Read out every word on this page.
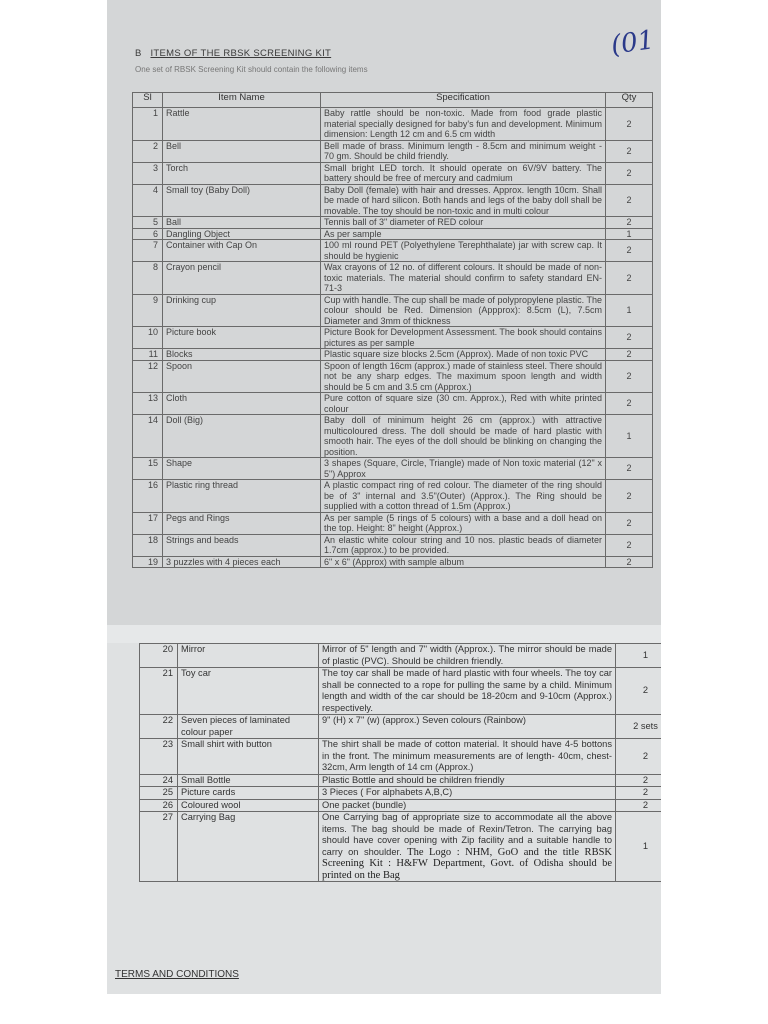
(01
B ITEMS OF THE RBSK SCREENING KIT
One set of RBSK Screening Kit should contain the following items
Sl	Item Name	Specification	Qty
1	Rattle	Baby rattle should be non-toxic. Made from food grade plastic material specially designed for baby's fun and development. Minimum dimension: Length 12 cm and 6.5 cm width	2
2	Bell	Bell made of brass. Minimum length - 8.5cm and minimum weight - 70 gm. Should be child friendly.	2
3	Torch	Small bright LED torch. It should operate on 6V/9V battery. The battery should be free of mercury and cadmium	2
4	Small toy (Baby Doll)	Baby Doll (female) with hair and dresses. Approx. length 10cm. Shall be made of hard silicon. Both hands and legs of the baby doll shall be movable. The toy should be non-toxic and in multi colour	2
5	Ball	Tennis ball of 3" diameter of RED colour	2
6	Dangling Object	As per sample	1
7	Container with Cap On	100 ml round PET (Polyethylene Terephthalate) jar with screw cap. It should be hygienic	2
8	Crayon pencil	Wax crayons of 12 no. of different colours. It should be made of non-toxic materials. The material should confirm to safety standard EN-71-3	2
9	Drinking cup	Cup with handle. The cup shall be made of polypropylene plastic. The colour should be Red. Dimension (Appprox): 8.5cm (L), 7.5cm Diameter and 3mm of thickness	1
10	Picture book	Picture Book for Development Assessment. The book should contains pictures as per sample	2
11	Blocks	Plastic square size blocks 2.5cm (Approx). Made of non toxic PVC	2
12	Spoon	Spoon of length 16cm (approx.) made of stainless steel. There should not be any sharp edges. The maximum spoon length and width should be 5 cm and 3.5 cm (Approx.)	2
13	Cloth	Pure cotton of square size (30 cm. Approx.), Red with white printed colour	2
14	Doll (Big)	Baby doll of minimum height 26 cm (approx.) with attractive multicoloured dress. The doll should be made of hard plastic with smooth hair. The eyes of the doll should be blinking on changing the position.	1
15	Shape	3 shapes (Square, Circle, Triangle) made of Non toxic material (12" x 5") Approx	2
16	Plastic ring thread	A plastic compact ring of red colour. The diameter of the ring should be of 3" internal and 3.5"(Outer) (Approx.). The Ring should be supplied with a cotton thread of 1.5m (Approx.)	2
17	Pegs and Rings	As per sample (5 rings of 5 colours) with a base and a doll head on the top. Height: 8" height (Approx.)	2
18	Strings and beads	An elastic white colour string and 10 nos. plastic beads of diameter 1.7cm (approx.) to be provided.	2
19	3 puzzles with 4 pieces each	6" x 6" (Approx) with sample album	2
20	Mirror	Mirror of 5" length and 7" width (Approx.). The mirror should be made of plastic (PVC). Should be children friendly.	1
21	Toy car	The toy car shall be made of hard plastic with four wheels. The toy car shall be connected to a rope for pulling the same by a child. Minimum length and width of the car should be 18-20cm and 9-10cm (Approx.) respectively.	2
22	Seven pieces of laminated colour paper	9" (H) x 7" (w) (approx.) Seven colours (Rainbow)	2 sets
23	Small shirt with button	The shirt shall be made of cotton material. It should have 4-5 bottons in the front. The minimum measurements are of length- 40cm, chest- 32cm, Arm length of 14 cm (Approx.)	2
24	Small Bottle	Plastic Bottle and should be children friendly	2
25	Picture cards	3 Pieces ( For alphabets A,B,C)	2
26	Coloured wool	One packet (bundle)	2
27	Carrying Bag	One Carrying bag of appropriate size to accommodate all the above items. The bag should be made of Rexin/Tetron. The carrying bag should have cover opening with Zip facility and a suitable handle to carry on shoulder. The Logo : NHM, GoO and the title RBSK Screening Kit : H&FW Department, Govt. of Odisha should be printed on the Bag	1
TERMS AND CONDITIONS
